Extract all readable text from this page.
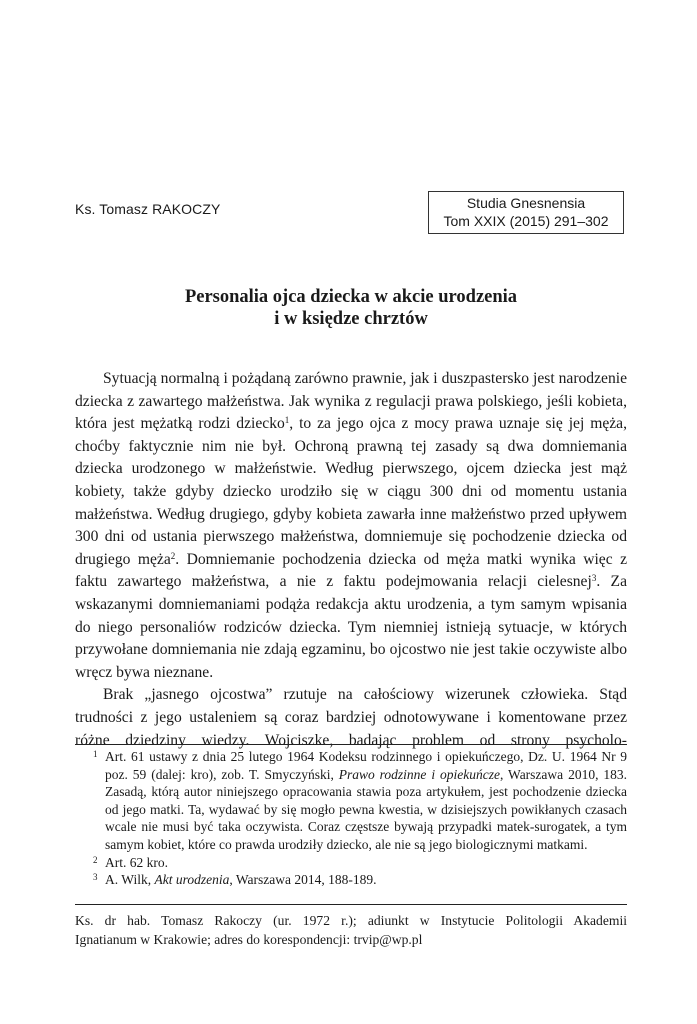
Ks. Tomasz RAKOCZY	Studia Gnesnensia
Tom XXIX (2015) 291–302
Personalia ojca dziecka w akcie urodzenia
i w księdze chrztów

Sytuacją normalną i pożądaną zarówno prawnie, jak i duszpastersko jest narodzenie dziecka z zawartego małżeństwa. Jak wynika z regulacji prawa polskiego, jeśli kobieta, która jest mężatką rodzi dziecko$^1$, to za jego ojca z mocy prawa uznaje się jej męża, choćby faktycznie nim nie był. Ochroną prawną tej zasady są dwa domniemania dziecka urodzonego w małżeństwie. Według pierwszego, ojcem dziecka jest mąż kobiety, także gdyby dziecko urodziło się w ciągu 300 dni od momentu ustania małżeństwa. Według drugiego, gdyby kobieta zawarła inne małżeństwo przed upływem 300 dni od ustania pierwszego małżeństwa, domniemuje się pochodzenie dziecka od drugiego męża$^2$. Domniemanie pochodzenia dziecka od męża matki wynika więc z faktu zawartego małżeństwa, a nie z faktu podejmowania relacji cielesnej$^3$. Za wskazanymi domniemaniami podąża redakcja aktu urodzenia, a tym samym wpisania do niego personaliów rodziców dziecka. Tym niemniej istnieją sytuacje, w których przywołane domniemania nie zdają egzaminu, bo ojcostwo nie jest takie oczywiste albo wręcz bywa nieznane.

Brak „jasnego ojcostwa” rzutuje na całościowy wizerunek człowieka. Stąd trudności z jego ustaleniem są coraz bardziej odnotowywane i komentowane przez różne dziedziny wiedzy. Wojciszke, badając problem od strony psycholo-

1 Art. 61 ustawy z dnia 25 lutego 1964 Kodeksu rodzinnego i opiekuńczego, Dz. U. 1964 Nr 9 poz. 59 (dalej: kro), zob. T. Smyczyński, Prawo rodzinne i opiekuńcze, Warszawa 2010, 183. Zasadą, którą autor niniejszego opracowania stawia poza artykułem, jest pochodzenie dziecka od jego matki. Ta, wydawać by się mogło pewna kwestia, w dzisiejszych powikłanych czasach wcale nie musi być taka oczywista. Coraz częstsze bywają przypadki matek-surogatek, a tym samym kobiet, które co prawda urodziły dziecko, ale nie są jego biologicznymi matkami.
2 Art. 62 kro.
3 A. Wilk, Akt urodzenia, Warszawa 2014, 188-189.
Ks. dr hab. Tomasz Rakoczy (ur. 1972 r.); adiunkt w Instytucie Politologii Akademii
Ignatianum w Krakowie; adres do korespondencji: trvip@wp.pl
